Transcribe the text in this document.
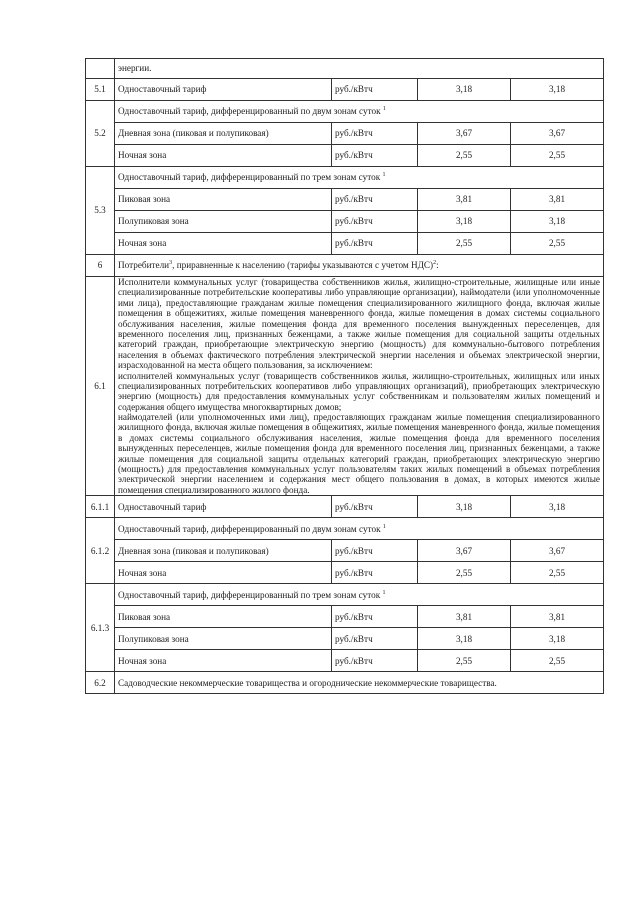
	энергии.			
5.1	Одноставочный тариф	руб./кВтч	3,18	3,18
5.2	Одноставочный тариф, дифференцированный по двум зонам суток $^1$
	Дневная зона (пиковая и полупиковая)	руб./кВтч	3,67	3,67
	Ночная зона	руб./кВтч	2,55	2,55
5.3	Одноставочный тариф, дифференцированный по трем зонам суток $^1$
	Пиковая зона	руб./кВтч	3,81	3,81
	Полупиковая зона	руб./кВтч	3,18	3,18
	Ночная зона	руб./кВтч	2,55	2,55
6	Потребители$^3$, приравненные к населению (тарифы указываются с учетом НДС)$^2$:			
6.1	Исполнители коммунальных услуг (товарищества собственников жилья, жилищно-строительные, жилищные или иные специализированные потребительские кооперативы либо управляющие организации), наймодатели (или уполномоченные ими лица), предоставляющие гражданам жилые помещения специализированного жилищного фонда, включая жилые помещения в общежитиях, жилые помещения маневренного фонда, жилые помещения в домах системы социального обслуживания населения, жилые помещения фонда для временного поселения вынужденных переселенцев, для временного поселения лиц, признанных беженцами, а также жилые помещения для социальной защиты отдельных категорий граждан, приобретающие электрическую энергию (мощность) для коммунально-бытового потребления населения в объемах фактического потребления электрической энергии населения и объемах электрической энергии, израсходованной на места общего пользования, за исключением:
исполнителей коммунальных услуг (товариществ собственников жилья, жилищно-строительных, жилищных или иных специализированных потребительских кооперативов либо управляющих организаций), приобретающих электрическую энергию (мощность) для предоставления коммунальных услуг собственникам и пользователям жилых помещений и содержания общего имущества многоквартирных домов;
наймодателей (или уполномоченных ими лиц), предоставляющих гражданам жилые помещения специализированного жилищного фонда, включая жилые помещения в общежитиях, жилые помещения маневренного фонда, жилые помещения в домах системы социального обслуживания населения, жилые помещения фонда для временного поселения вынужденных переселенцев, жилые помещения фонда для временного поселения лиц, признанных беженцами, а также жилые помещения для социальной защиты отдельных категорий граждан, приобретающих электрическую энергию (мощность) для предоставления коммунальных услуг пользователям таких жилых помещений в объемах потребления электрической энергии населением и содержания мест общего пользования в домах, в которых имеются жилые помещения специализированного жилого фонда.			

6.1.1	Одноставочный тариф	руб./кВтч	3,18	3,18
6.1.2	Одноставочный тариф, дифференцированный по двум зонам суток $^1$
	Дневная зона (пиковая и полупиковая)	руб./кВтч	3,67	3,67
	Ночная зона	руб./кВтч	2,55	2,55
6.1.3	Одноставочный тариф, дифференцированный по трем зонам суток $^1$
	Пиковая зона	руб./кВтч	3,81	3,81
	Полупиковая зона	руб./кВтч	3,18	3,18
	Ночная зона	руб./кВтч	2,55	2,55
6.2	Садоводческие некоммерческие товарищества и огороднические некоммерческие товарищества.			
